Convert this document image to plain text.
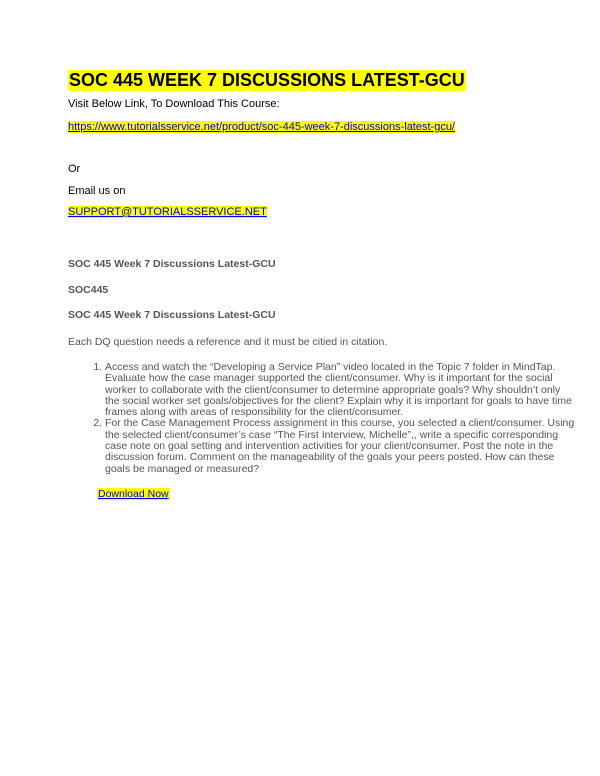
SOC 445 WEEK 7 DISCUSSIONS LATEST-GCU
Visit Below Link, To Download This Course:
https://www.tutorialsservice.net/product/soc-445-week-7-discussions-latest-gcu/
Or
Email us on
SUPPORT@TUTORIALSSERVICE.NET
SOC 445 Week 7 Discussions Latest-GCU
SOC445
SOC 445 Week 7 Discussions Latest-GCU
Each DQ question needs a reference and it must be citied in citation.
1. Access and watch the “Developing a Service Plan” video located in the Topic 7 folder in MindTap. Evaluate how the case manager supported the client/consumer. Why is it important for the social worker to collaborate with the client/consumer to determine appropriate goals? Why shouldn’t only the social worker set goals/objectives for the client? Explain why it is important for goals to have time frames along with areas of responsibility for the client/consumer.
2. For the Case Management Process assignment in this course, you selected a client/consumer. Using the selected client/consumer’s case “The First Interview, Michelle”,, write a specific corresponding case note on goal setting and intervention activities for your client/consumer. Post the note in the discussion forum. Comment on the manageability of the goals your peers posted. How can these goals be managed or measured?
Download Now
